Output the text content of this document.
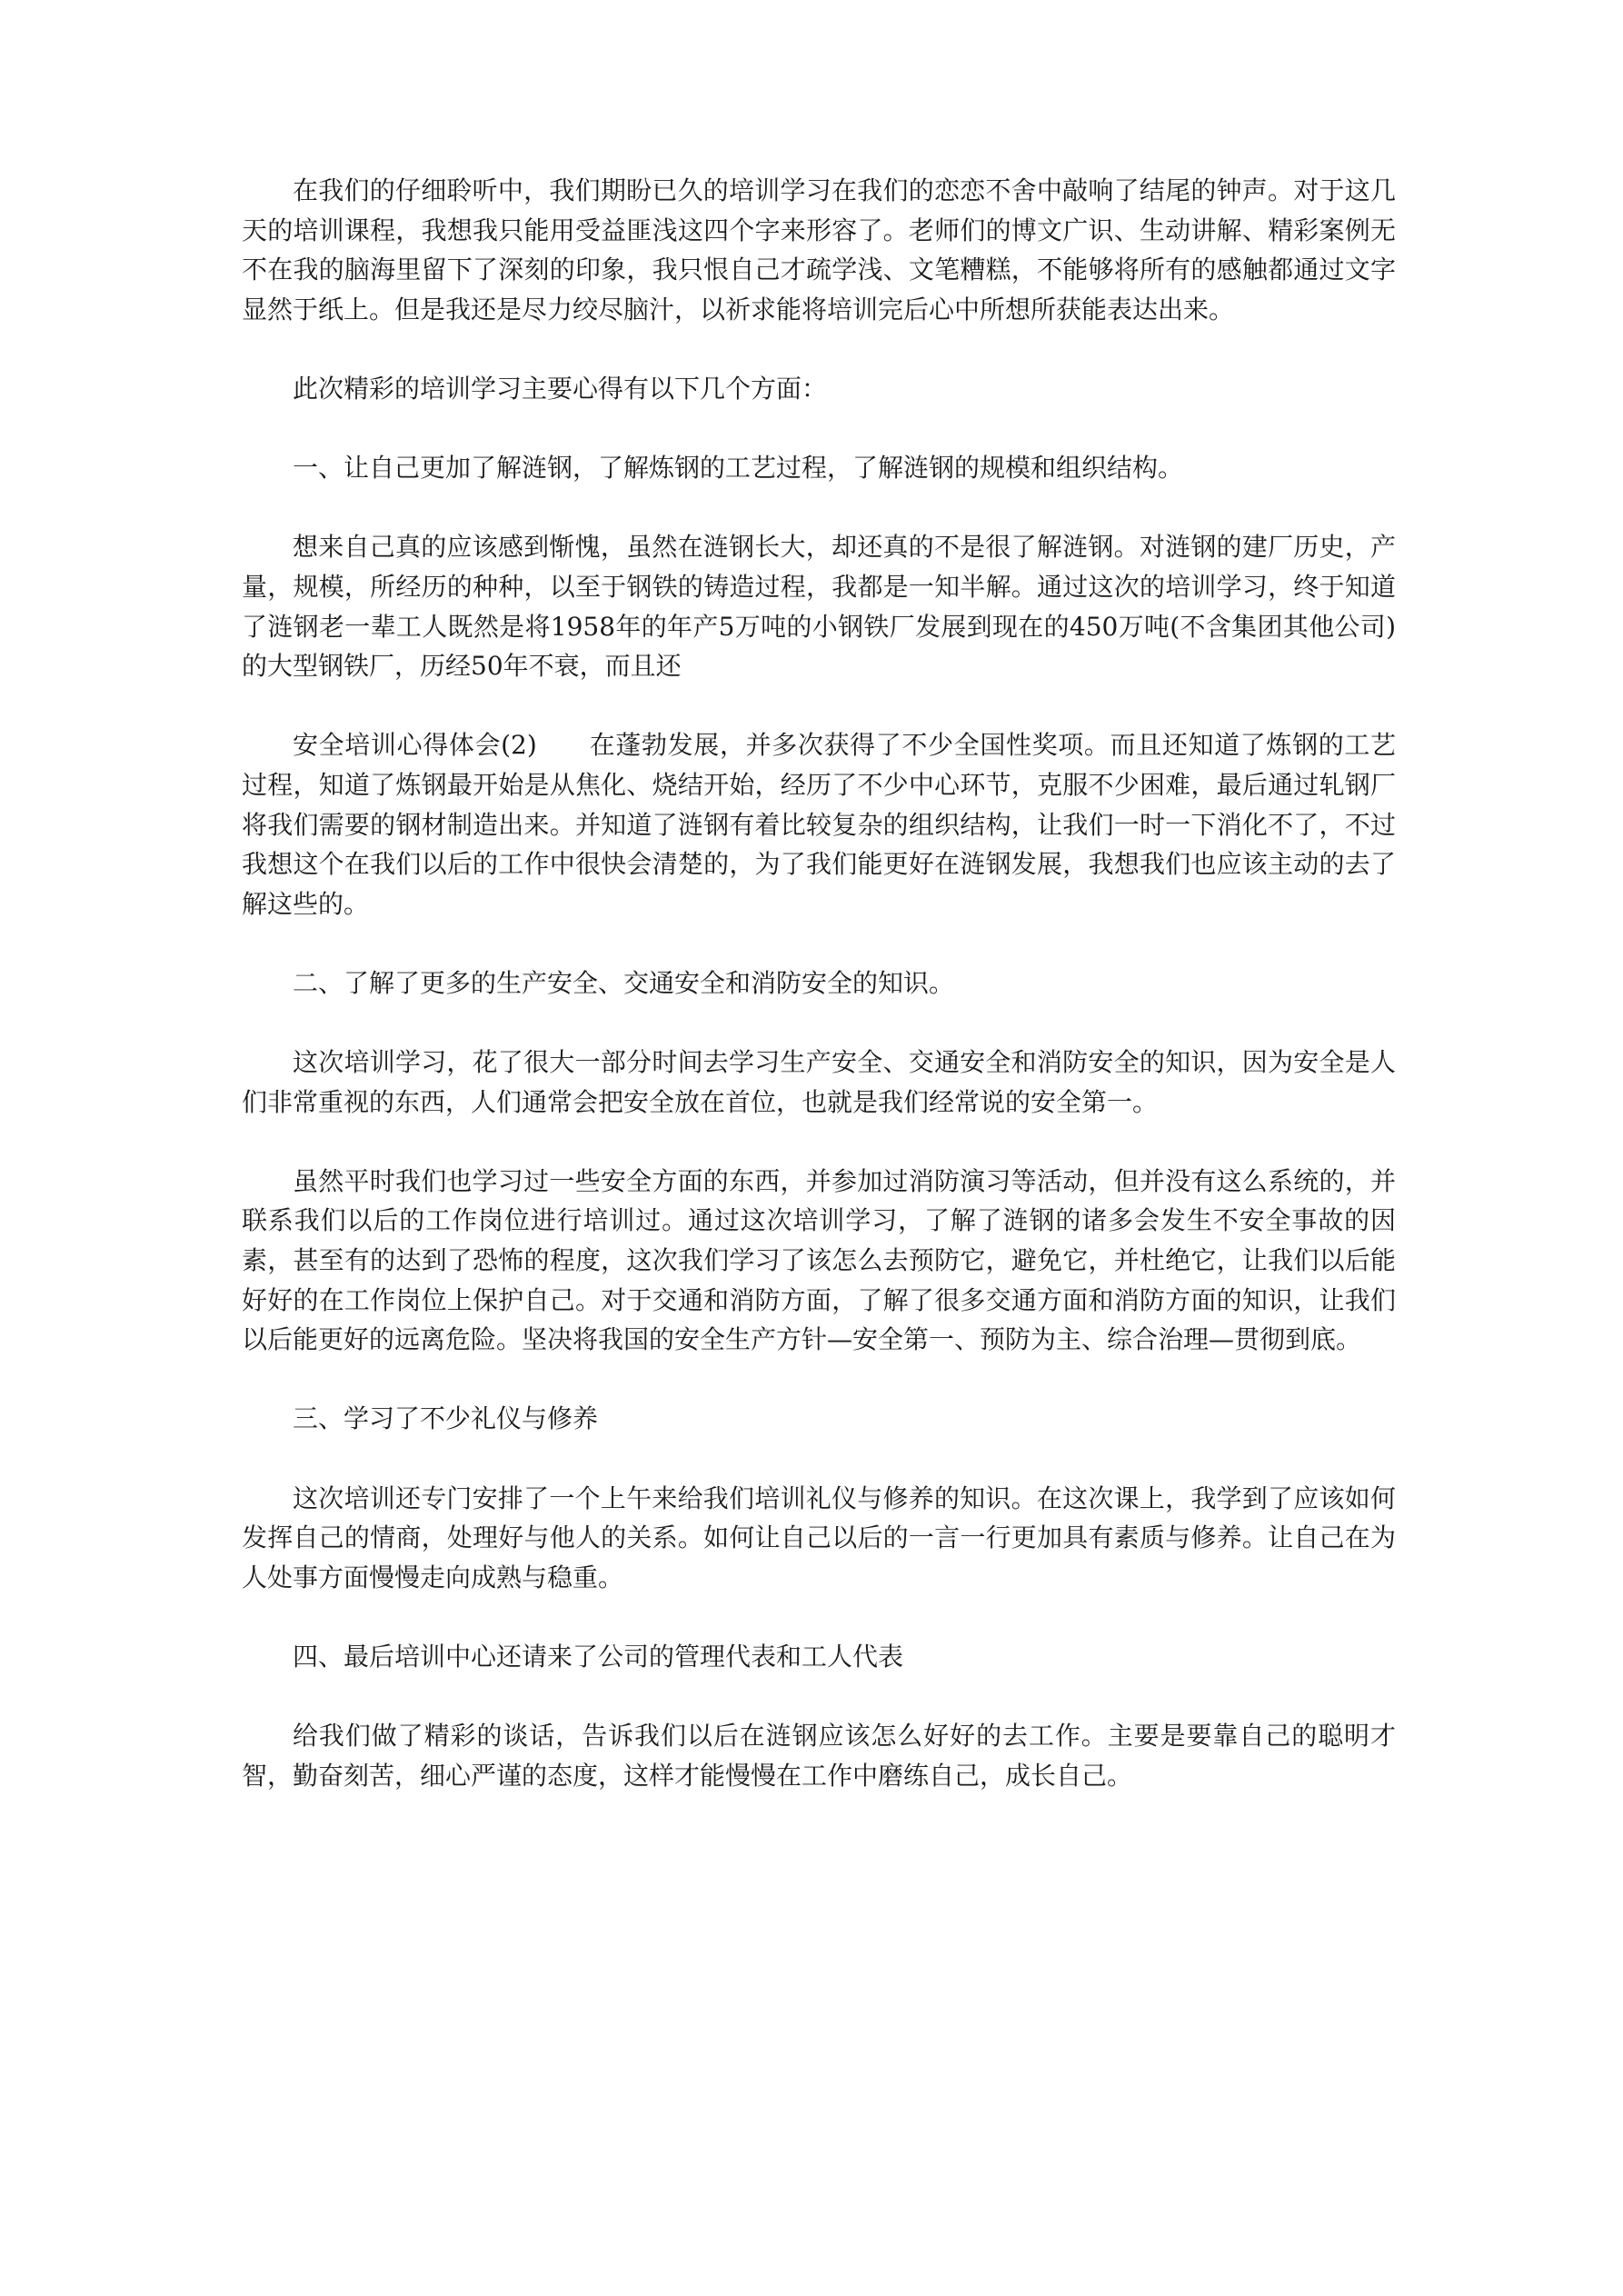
在我们的仔细聆听中，我们期盼已久的培训学习在我们的恋恋不舍中敲响了结尾的钟声。对于这几天的培训课程，我想我只能用受益匪浅这四个字来形容了。老师们的博文广识、生动讲解、精彩案例无不在我的脑海里留下了深刻的印象，我只恨自己才疏学浅、文笔糟糕，不能够将所有的感触都通过文字显然于纸上。但是我还是尽力绞尽脑汁，以祈求能将培训完后心中所想所获能表达出来。

此次精彩的培训学习主要心得有以下几个方面：

一、让自己更加了解涟钢，了解炼钢的工艺过程，了解涟钢的规模和组织结构。

想来自己真的应该感到惭愧，虽然在涟钢长大，却还真的不是很了解涟钢。对涟钢的建厂历史，产量，规模，所经历的种种，以至于钢铁的铸造过程，我都是一知半解。通过这次的培训学习，终于知道了涟钢老一辈工人既然是将1958年的年产5万吨的小钢铁厂发展到现在的450万吨(不含集团其他公司)的大型钢铁厂，历经50年不衰，而且还

安全培训心得体会(2)　　在蓬勃发展，并多次获得了不少全国性奖项。而且还知道了炼钢的工艺过程，知道了炼钢最开始是从焦化、烧结开始，经历了不少中心环节，克服不少困难，最后通过轧钢厂将我们需要的钢材制造出来。并知道了涟钢有着比较复杂的组织结构，让我们一时一下消化不了，不过我想这个在我们以后的工作中很快会清楚的，为了我们能更好在涟钢发展，我想我们也应该主动的去了解这些的。

二、了解了更多的生产安全、交通安全和消防安全的知识。

这次培训学习，花了很大一部分时间去学习生产安全、交通安全和消防安全的知识，因为安全是人们非常重视的东西，人们通常会把安全放在首位，也就是我们经常说的安全第一。

虽然平时我们也学习过一些安全方面的东西，并参加过消防演习等活动，但并没有这么系统的，并联系我们以后的工作岗位进行培训过。通过这次培训学习，了解了涟钢的诸多会发生不安全事故的因素，甚至有的达到了恐怖的程度，这次我们学习了该怎么去预防它，避免它，并杜绝它，让我们以后能好好的在工作岗位上保护自己。对于交通和消防方面，了解了很多交通方面和消防方面的知识，让我们以后能更好的远离危险。坚决将我国的安全生产方针—安全第一、预防为主、综合治理—贯彻到底。

三、学习了不少礼仪与修养

这次培训还专门安排了一个上午来给我们培训礼仪与修养的知识。在这次课上，我学到了应该如何发挥自己的情商，处理好与他人的关系。如何让自己以后的一言一行更加具有素质与修养。让自己在为人处事方面慢慢走向成熟与稳重。

四、最后培训中心还请来了公司的管理代表和工人代表

给我们做了精彩的谈话，告诉我们以后在涟钢应该怎么好好的去工作。主要是要靠自己的聪明才智，勤奋刻苦，细心严谨的态度，这样才能慢慢在工作中磨练自己，成长自己。
